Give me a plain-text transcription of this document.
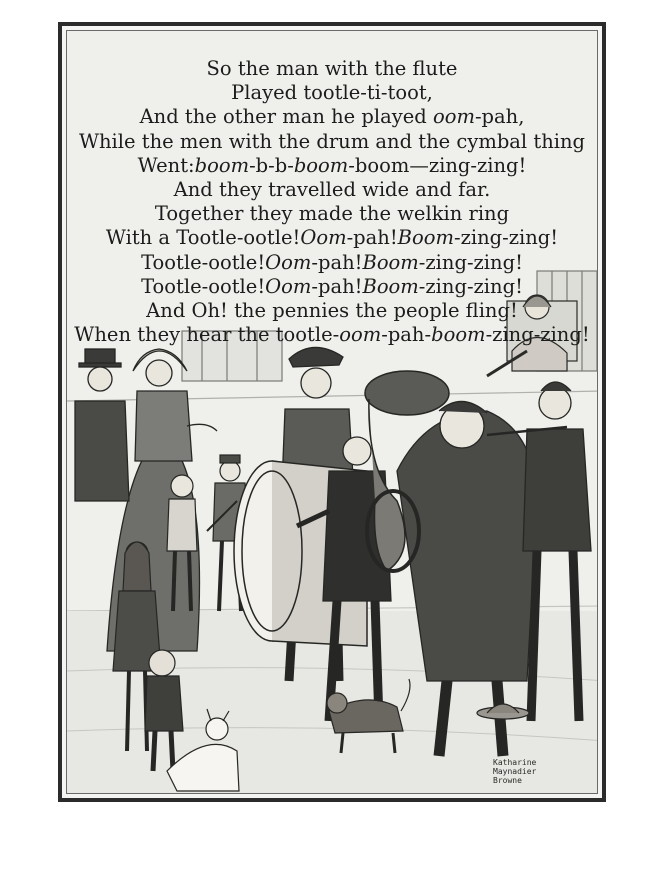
So the man with the flute
Played tootle-ti-toot,
And the other man he played oom-pah,
While the men with the drum and the cymbal thing
Went:boom-b-b-boom-boom—zing-zing!
And they travelled wide and far.
Together they made the welkin ring
With a Tootle-ootle!Oom-pah!Boom-zing-zing!
Tootle-ootle!Oom-pah!Boom-zing-zing!
Tootle-ootle!Oom-pah!Boom-zing-zing!
And Oh! the pennies the people fling!
When they hear the tootle-oom-pah-boom-zing-zing!
Katharine
Maynadier
Browne
